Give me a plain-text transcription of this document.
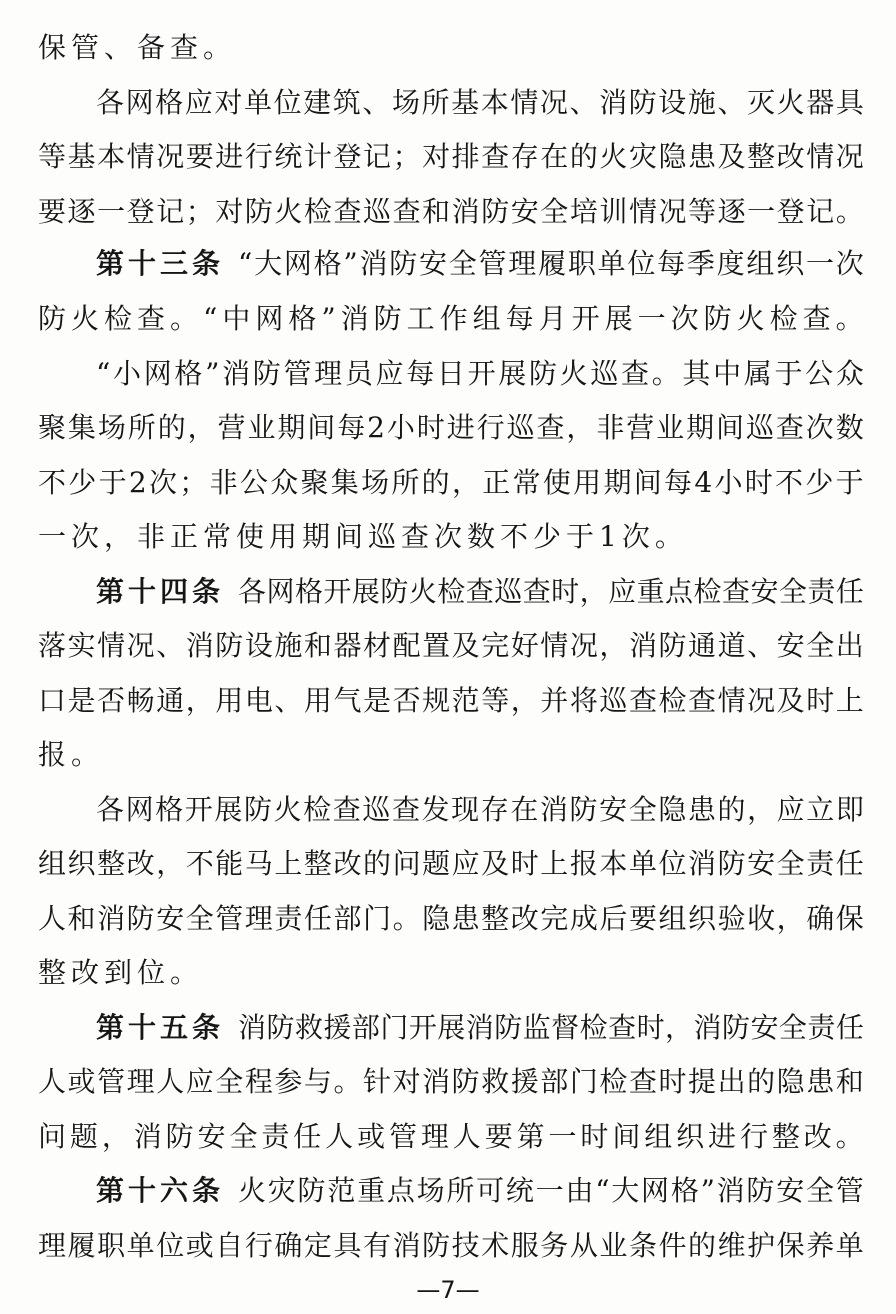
保管、备查。
各 网 格 应 对 单 位 建 筑 、 场 所 基 本 情 况 、 消 防 设 施 、 灭 火 器 具
等 基 本 情 况 要 进 行 统 计 登 记 ； 对 排 查 存 在 的 火 灾 隐 患 及 整 改 情 况
要 逐 一 登 记 ； 对 防 火 检 查 巡 查 和 消 防 安 全 培 训 情 况 等 逐 一 登 记 。
第十三条 “ 大 网 格 ” 消 防 安 全 管 理 履 职 单 位 每 季 度 组 织 一 次
防 火 检 查 。 “ 中 网 格 ” 消 防 工 作 组 每 月 开 展 一 次 防 火 检 查 。
“ 小 网 格 ” 消 防 管 理 员 应 每 日 开 展 防 火 巡 查 。 其 中 属 于 公 众
聚 集 场 所 的 ， 营 业 期 间 每 2 小 时 进 行 巡 查 ， 非 营 业 期 间 巡 查 次 数
不 少 于 2 次 ； 非 公 众 聚 集 场 所 的 ， 正 常 使 用 期 间 每 4 小 时 不 少 于
一次，非正常使用期间巡查次数不少于1次。
第十四条 各 网 格 开 展 防 火 检 查 巡 查 时 ， 应 重 点 检 查 安 全 责 任
落 实 情 况 、 消 防 设 施 和 器 材 配 置 及 完 好 情 况 ， 消 防 通 道 、 安 全 出
口 是 否 畅 通 ， 用 电 、 用 气 是 否 规 范 等 ， 并 将 巡 查 检 查 情 况 及 时 上
报。
各 网 格 开 展 防 火 检 查 巡 查 发 现 存 在 消 防 安 全 隐 患 的 ， 应 立 即
组 织 整 改 ， 不 能 马 上 整 改 的 问 题 应 及 时 上 报 本 单 位 消 防 安 全 责 任
人 和 消 防 安 全 管 理 责 任 部 门 。 隐 患 整 改 完 成 后 要 组 织 验 收 ， 确 保
整改到位。
第十五条 消 防 救 援 部 门 开 展 消 防 监 督 检 查 时 ， 消 防 安 全 责 任
人 或 管 理 人 应 全 程 参 与 。 针 对 消 防 救 援 部 门 检 查 时 提 出 的 隐 患 和
问 题 ， 消 防 安 全 责 任 人 或 管 理 人 要 第 一 时 间 组 织 进 行 整 改 。
第十六条 火 灾 防 范 重 点 场 所 可 统 一 由 “ 大 网 格 ” 消 防 安 全 管
理 履 职 单 位 或 自 行 确 定 具 有 消 防 技 术 服 务 从 业 条 件 的 维 护 保 养 单
—7—
